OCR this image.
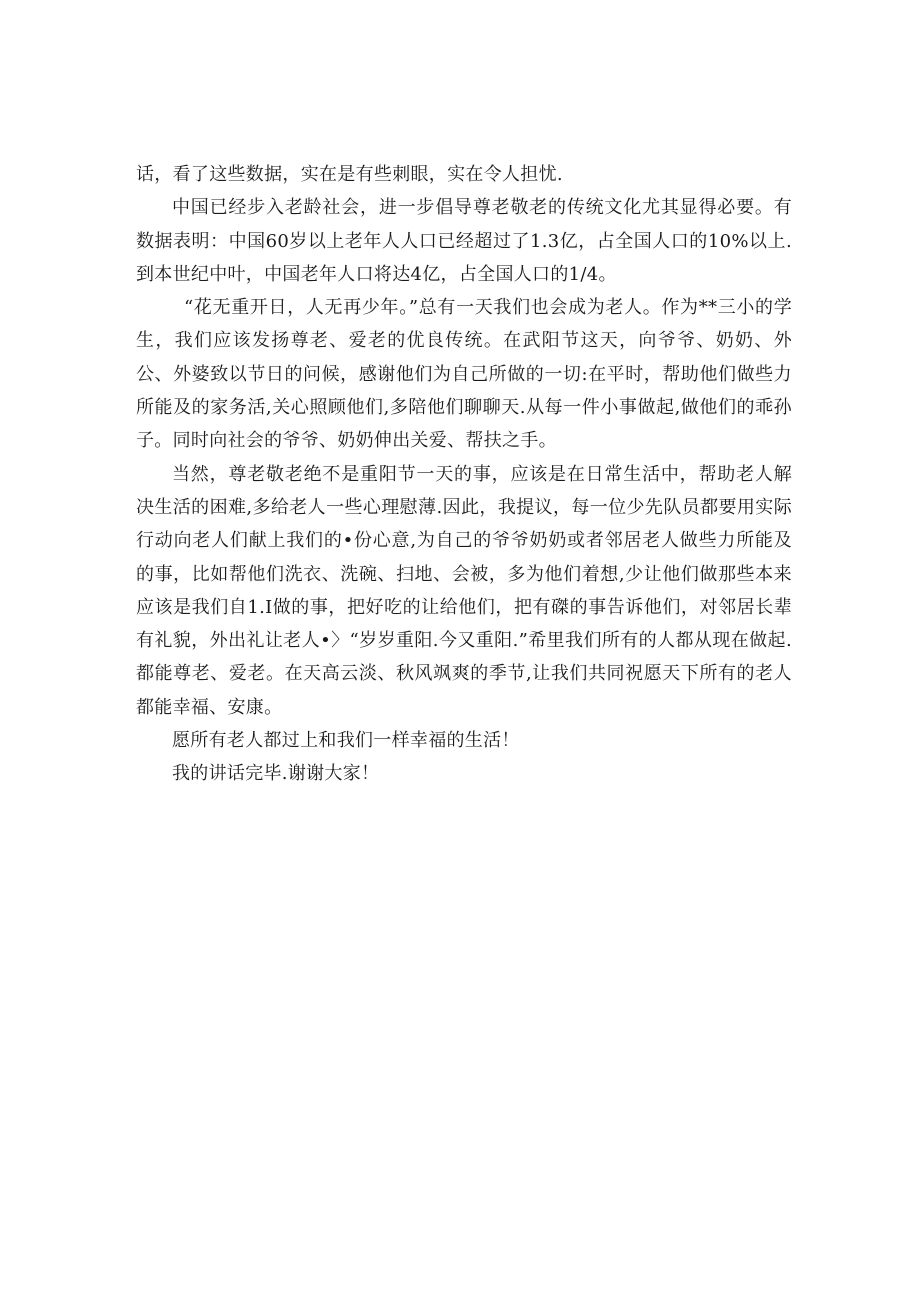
话，看了这些数据，实在是有些刺眼，实在令人担忧.

中国已经步入老龄社会，进一步倡导尊老敬老的传统文化尤其显得必要。有数据表明：中国60岁以上老年人人口已经超过了1.3亿，占全国人口的10%以上.到本世纪中叶，中国老年人口将达4亿，占全国人口的1/4。

“花无重开日，人无再少年。”总有一天我们也会成为老人。作为**三小的学生，我们应该发扬尊老、爱老的优良传统。在武阳节这天，向爷爷、奶奶、外公、外婆致以节日的问候，感谢他们为自己所做的一切:在平时，帮助他们做些力所能及的家务活,关心照顾他们,多陪他们聊聊天.从每一件小事做起,做他们的乖孙子。同时向社会的爷爷、奶奶伸出关爱、帮扶之手。

当然，尊老敬老绝不是重阳节一天的事，应该是在日常生活中，帮助老人解决生活的困难,多给老人一些心理慰薄.因此，我提议，每一位少先队员都要用实际行动向老人们献上我们的•份心意,为自己的爷爷奶奶或者邻居老人做些力所能及的事，比如帮他们洗衣、洗碗、扫地、会被，多为他们着想,少让他们做那些本来应该是我们自1.I做的事，把好吃的让给他们，把有磔的事告诉他们，对邻居长辈有礼貌，外出礼让老人•〉“岁岁重阳.今又重阳.”希里我们所有的人都从现在做起.都能尊老、爱老。在天高云淡、秋风飒爽的季节,让我们共同祝愿天下所有的老人都能幸福、安康。

愿所有老人都过上和我们一样幸福的生活！

我的讲话完毕.谢谢大家！
